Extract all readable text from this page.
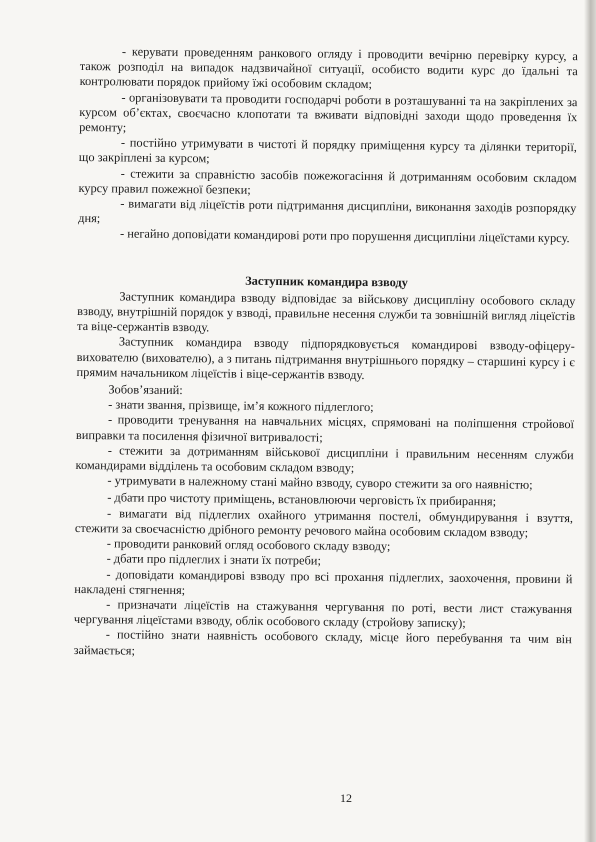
- керувати проведенням ранкового огляду і проводити вечірню перевірку курсу, а також розподіл на випадок надзвичайної ситуації, особисто водити курс до їдальні та контролювати порядок прийому їжі особовим складом;

- організовувати та проводити господарчі роботи в розташуванні та на закріплених за курсом об’єктах, своєчасно клопотати та вживати відповідні заходи щодо проведення їх ремонту;

- постійно утримувати в чистоті й порядку приміщення курсу та ділянки території, що закріплені за курсом;

- стежити за справністю засобів пожежогасіння й дотриманням особовим складом курсу правил пожежної безпеки;

- вимагати від ліцеїстів роти підтримання дисципліни, виконання заходів розпорядку дня;

- негайно доповідати командирові роти про порушення дисципліни ліцеїстами курсу.

Заступник командира взводу

Заступник командира взводу відповідає за військову дисципліну особового складу взводу, внутрішній порядок у взводі, правильне несення служби та зовнішній вигляд ліцеїстів та віце-сержантів взводу.

Заступник командира взводу підпорядковується командирові взводу-офіцеру-вихователю (вихователю), а з питань підтримання внутрішнього порядку – старшині курсу і є прямим начальником ліцеїстів і віце-сержантів взводу.

Зобов’язаний:

- знати звання, прізвище, ім’я кожного підлеглого;

- проводити тренування на навчальних місцях, спрямовані на поліпшення стройової виправки та посилення фізичної витривалості;

- стежити за дотриманням військової дисципліни і правильним несенням служби командирами відділень та особовим складом взводу;

- утримувати в належному стані майно взводу, суворо стежити за ого наявністю;

- дбати про чистоту приміщень, встановлюючи черговість їх прибирання;

- вимагати від підлеглих охайного утримання постелі, обмундирування і взуття, стежити за своєчасністю дрібного ремонту речового майна особовим складом взводу;

- проводити ранковий огляд особового складу взводу;

- дбати про підлеглих і знати їх потреби;

- доповідати командирові взводу про всі прохання підлеглих, заохочення, провини й накладені стягнення;

- призначати ліцеїстів на стажування чергування по роті, вести лист стажування чергування ліцеїстами взводу, облік особового складу (стройову записку);

- постійно знати наявність особового складу, місце його перебування та чим він займається;

12
